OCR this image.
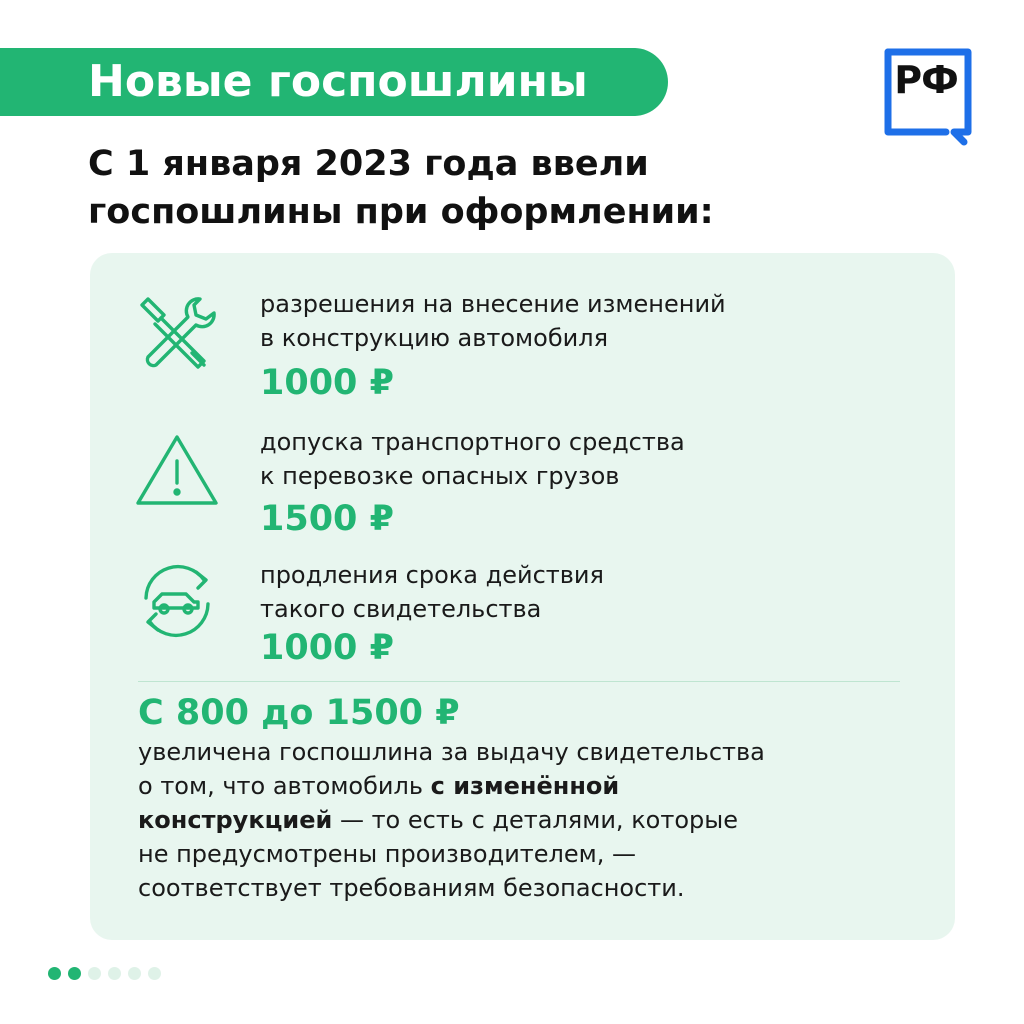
Новые госпошлины	РФ
С 1 января 2023 года ввели
госпошлины при оформлении:
разрешения на внесение изменений
в конструкцию автомобиля
1000 ₽
допуска транспортного средства
к перевозке опасных грузов
1500 ₽
продления срока действия
такого свидетельства
1000 ₽
С 800 до 1500 ₽
увеличена госпошлина за выдачу свидетельства
о том, что автомобиль с изменённой
конструкцией — то есть с деталями, которые
не предусмотрены производителем, —
соответствует требованиям безопасности.
